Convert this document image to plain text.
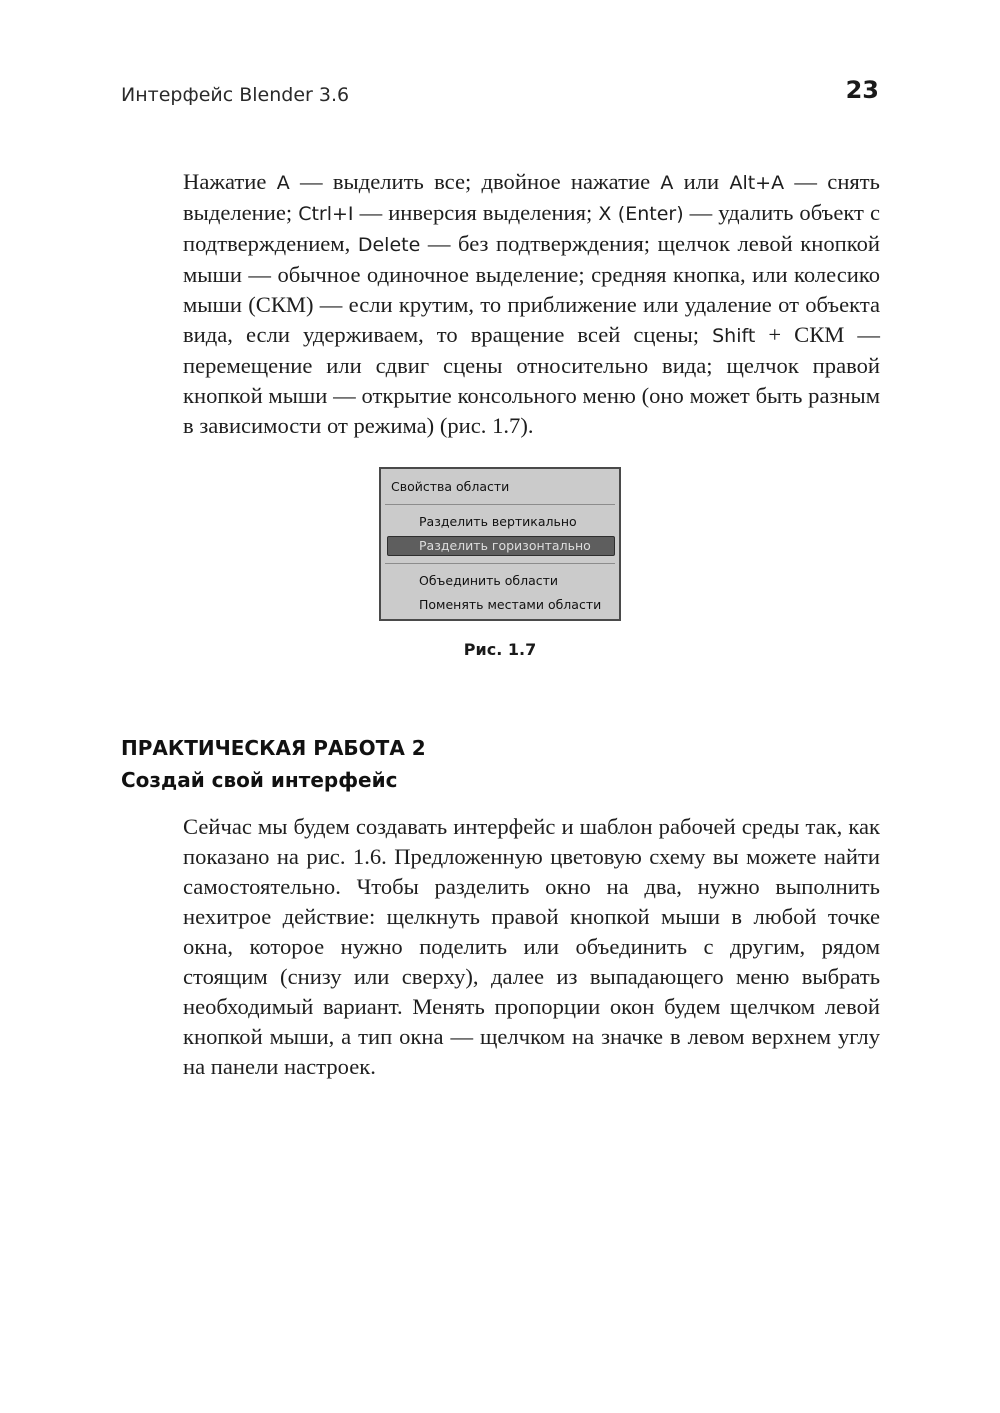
Интерфейс Blender 3.6	23

Нажатие A — выделить все; двойное нажатие A или Alt+A — снять выделение; Ctrl+I — инверсия выделения; X (Enter) — удалить объект с подтверждением, Delete — без подтверждения; щелчок левой кнопкой мыши — обычное одиночное выделение; средняя кнопка, или колесико мыши (СКМ) — если крутим, то приближение или удаление от объекта вида, если удерживаем, то вращение всей сцены; Shift + СКМ — перемещение или сдвиг сцены относительно вида; щелчок правой кнопкой мыши — открытие консольного меню (оно может быть разным в зависимости от режима) (рис. 1.7).

Свойства области
Разделить вертикально
Разделить горизонтально
Объединить области
Поменять местами области
Рис. 1.7
ПРАКТИЧЕСКАЯ РАБОТА 2
Создай свой интерфейс

Сейчас мы будем создавать интерфейс и шаблон рабочей среды так, как показано на рис. 1.6. Предложенную цветовую схему вы можете найти самостоятельно. Чтобы разделить окно на два, нужно выполнить нехитрое действие: щелкнуть правой кнопкой мыши в любой точке окна, которое нужно поделить или объединить с другим, рядом стоящим (снизу или сверху), далее из выпадающего меню выбрать необходимый вариант. Менять пропорции окон будем щелчком левой кнопкой мыши, а тип окна — щелчком на значке в левом верхнем углу на панели настроек.
